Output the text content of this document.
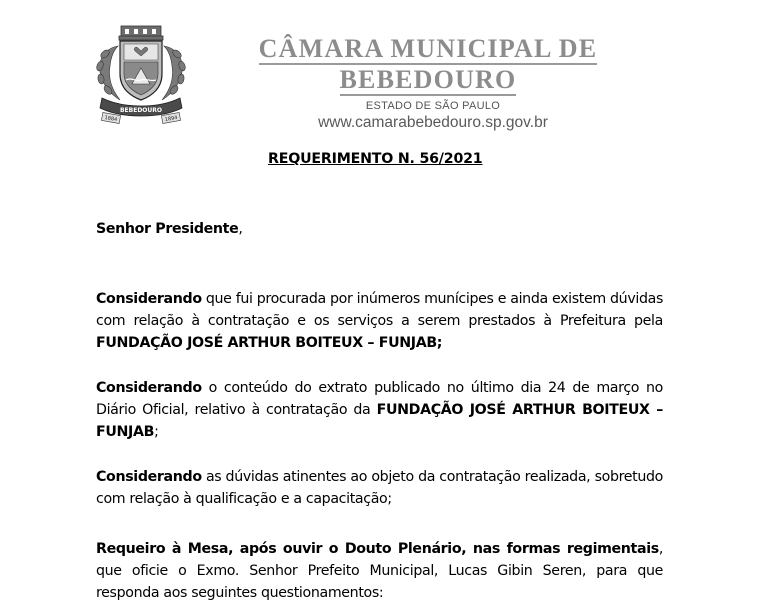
BEBEDOURO
1884	1894
CÂMARA MUNICIPAL DE
BEBEDOURO
ESTADO DE SÃO PAULO
www.camarabebedouro.sp.gov.br
REQUERIMENTO N. 56/2021
Senhor Presidente,
Considerando que fui procurada por inúmeros munícipes e ainda existem dúvidas com relação à contratação e os serviços a serem prestados à Prefeitura pela FUNDAÇÃO JOSÉ ARTHUR BOITEUX – FUNJAB;
Considerando o conteúdo do extrato publicado no último dia 24 de março no Diário Oficial, relativo à contratação da FUNDAÇÃO JOSÉ ARTHUR BOITEUX – FUNJAB;
Considerando as dúvidas atinentes ao objeto da contratação realizada, sobretudo com relação à qualificação e a capacitação;
Requeiro à Mesa, após ouvir o Douto Plenário, nas formas regimentais, que oficie o Exmo. Senhor Prefeito Municipal, Lucas Gibin Seren, para que responda aos seguintes questionamentos:
